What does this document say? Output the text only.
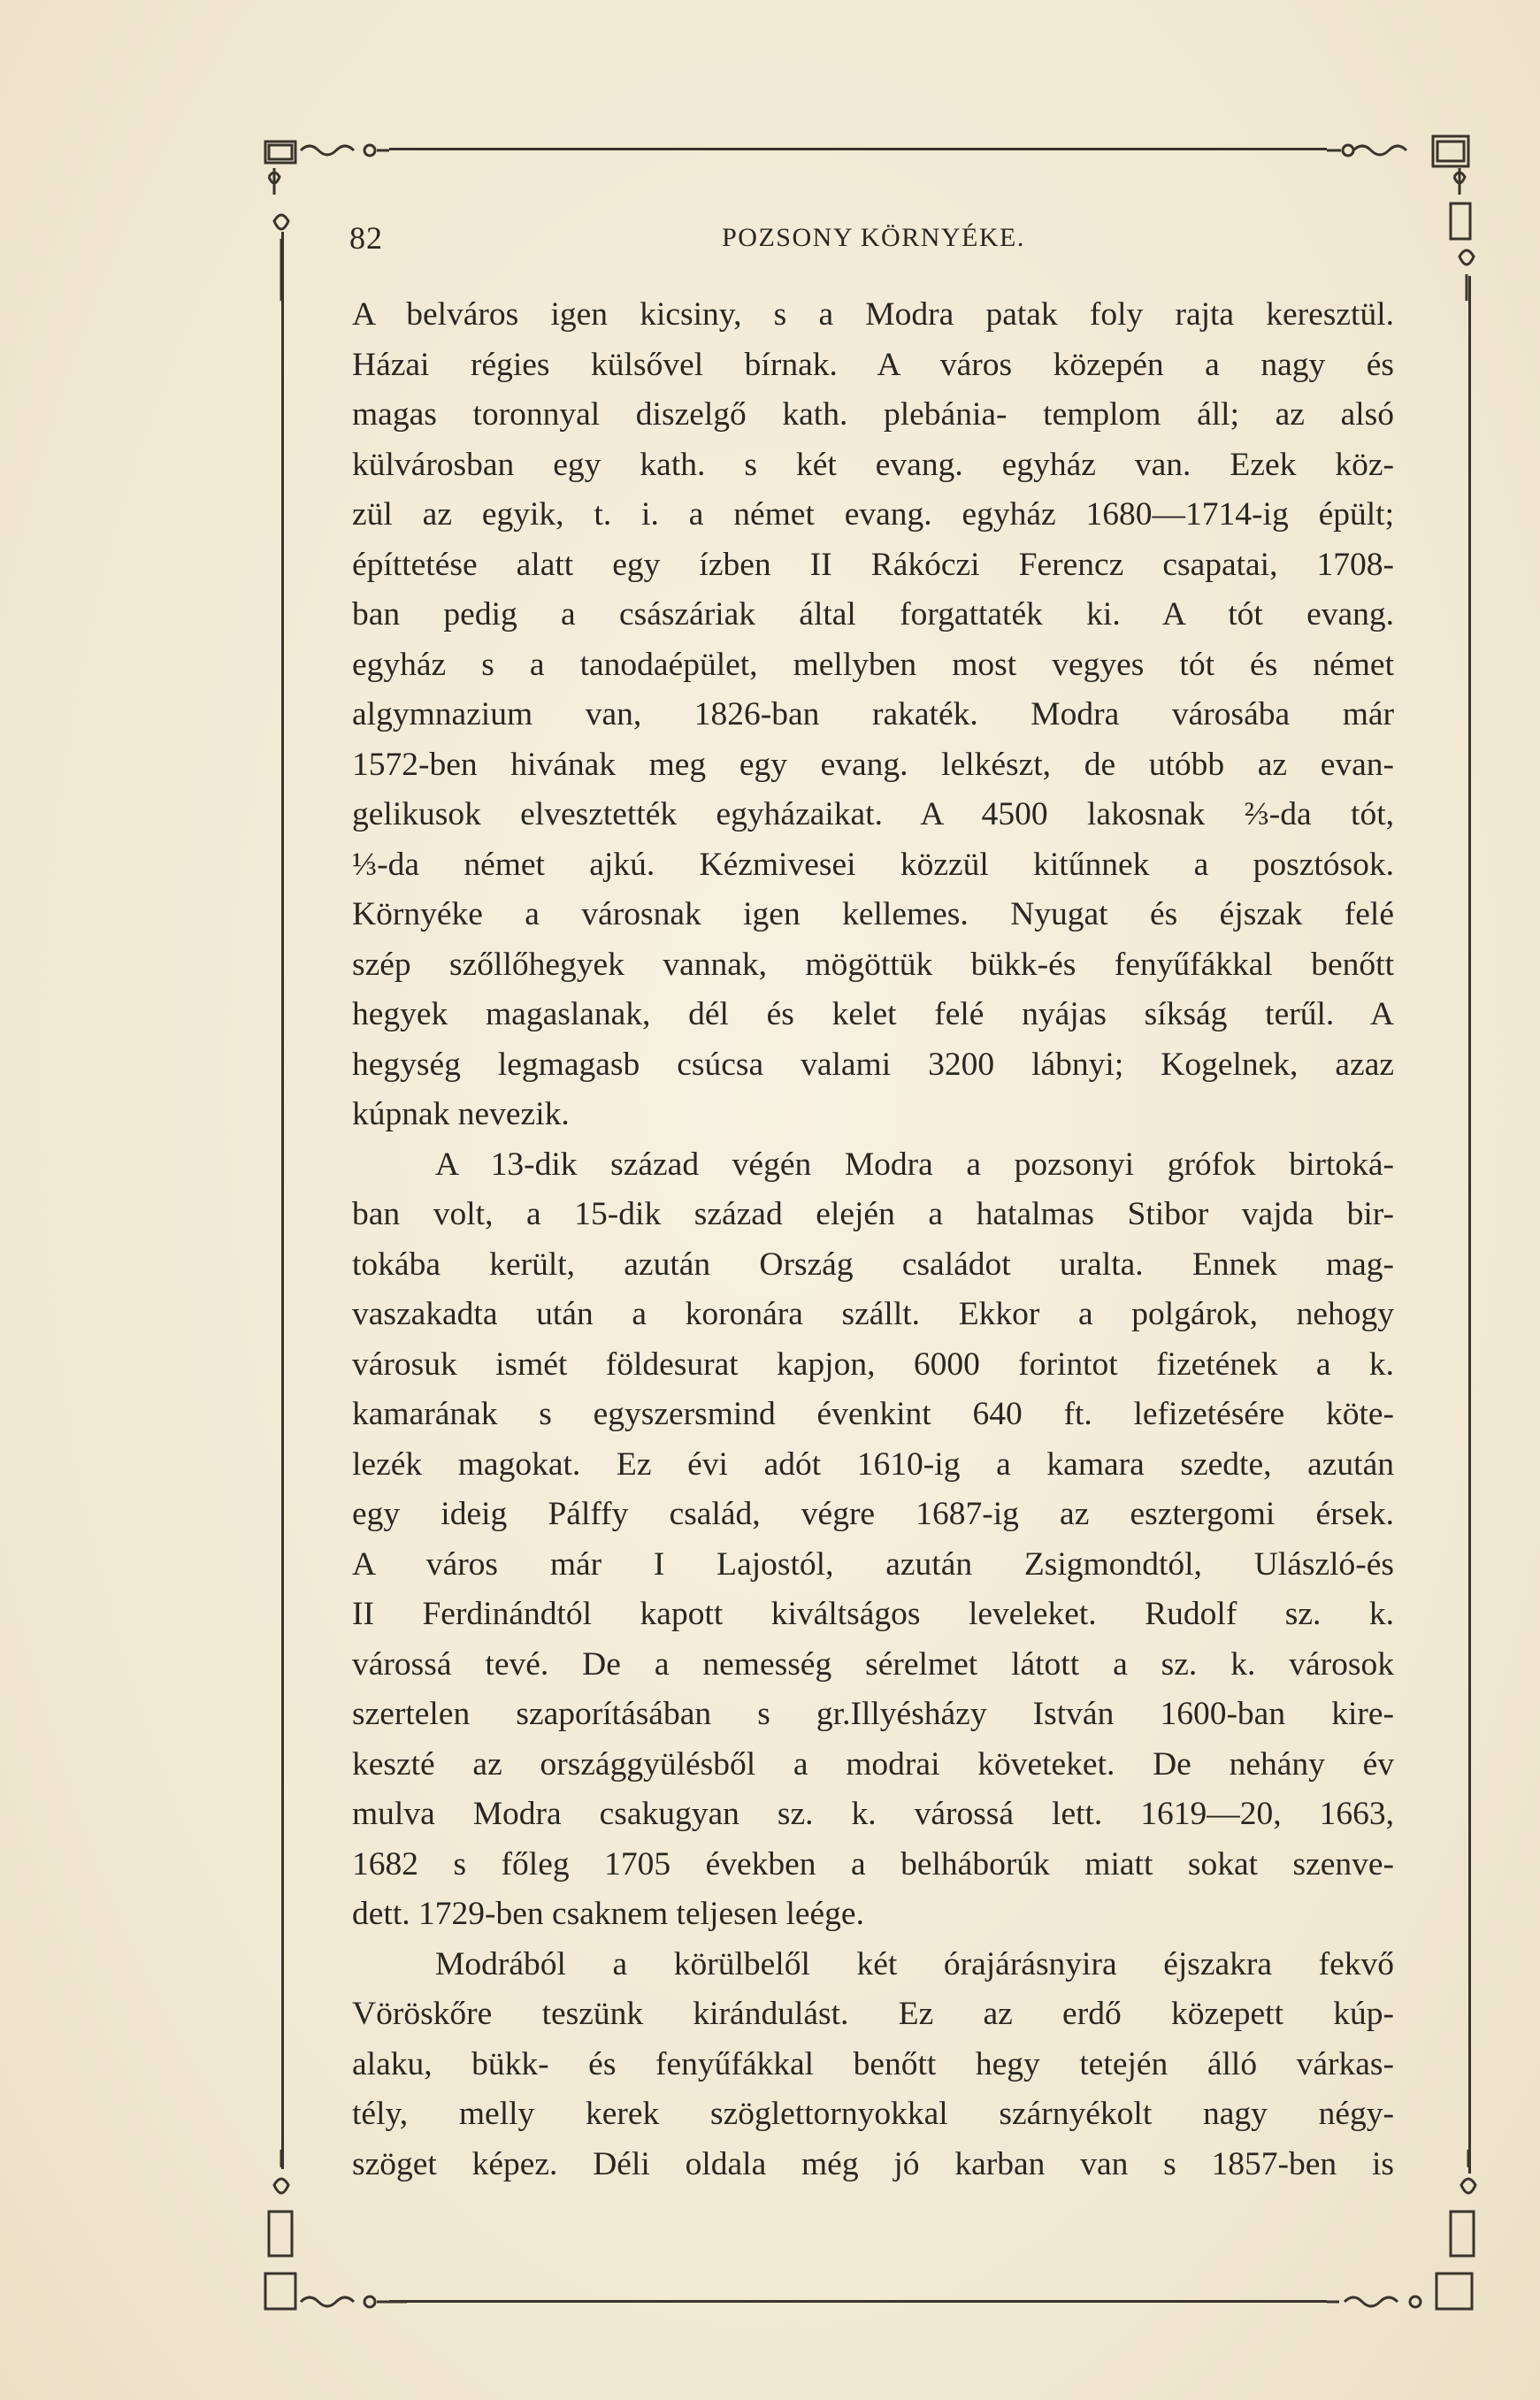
82	POZSONY KÖRNYÉKE.
A belváros igen kicsiny, s a Modra patak foly rajta keresztül.
Házai régies külsővel bírnak. A város közepén a nagy és
magas toronnyal diszelgő kath. plebánia- templom áll; az alsó
külvárosban egy kath. s két evang. egyház van. Ezek köz-
zül az egyik, t. i. a német evang. egyház 1680—1714-ig épült;
építtetése alatt egy ízben II Rákóczi Ferencz csapatai, 1708-
ban pedig a császáriak által forgattaték ki. A tót evang.
egyház s a tanodaépület, mellyben most vegyes tót és német
algymnazium van, 1826-ban rakaték. Modra városába már
1572-ben hivának meg egy evang. lelkészt, de utóbb az evan-
gelikusok elvesztették egyházaikat. A 4500 lakosnak ⅔-da tót,
⅓-da német ajkú. Kézmivesei közzül kitűnnek a posztósok.
Környéke a városnak igen kellemes. Nyugat és éjszak felé
szép szőllőhegyek vannak, mögöttük bükk-és fenyűfákkal benőtt
hegyek magaslanak, dél és kelet felé nyájas síkság terűl. A
hegység legmagasb csúcsa valami 3200 lábnyi; Kogelnek, azaz
kúpnak nevezik.
A 13-dik század végén Modra a pozsonyi grófok birtoká-
ban volt, a 15-dik század elején a hatalmas Stibor vajda bir-
tokába került, azután Ország családot uralta. Ennek mag-
vaszakadta után a koronára szállt. Ekkor a polgárok, nehogy
városuk ismét földesurat kapjon, 6000 forintot fizetének a k.
kamarának s egyszersmind évenkint 640 ft. lefizetésére köte-
lezék magokat. Ez évi adót 1610-ig a kamara szedte, azután
egy ideig Pálffy család, végre 1687-ig az esztergomi érsek.
A város már I Lajostól, azután Zsigmondtól, Ulászló-és
II Ferdinándtól kapott kiváltságos leveleket. Rudolf sz. k.
várossá tevé. De a nemesség sérelmet látott a sz. k. városok
szertelen szaporításában s gr.Illyésházy István 1600-ban kire-
keszté az országgyülésből a modrai követeket. De nehány év
mulva Modra csakugyan sz. k. várossá lett. 1619—20, 1663,
1682 s főleg 1705 években a belháborúk miatt sokat szenve-
dett. 1729-ben csaknem teljesen leége.
Modrából a körülbelől két órajárásnyira éjszakra fekvő
Vöröskőre teszünk kirándulást. Ez az erdő közepett kúp-
alaku, bükk- és fenyűfákkal benőtt hegy tetején álló várkas-
tély, melly kerek szöglettornyokkal szárnyékolt nagy négy-
szöget képez. Déli oldala még jó karban van s 1857-ben is
